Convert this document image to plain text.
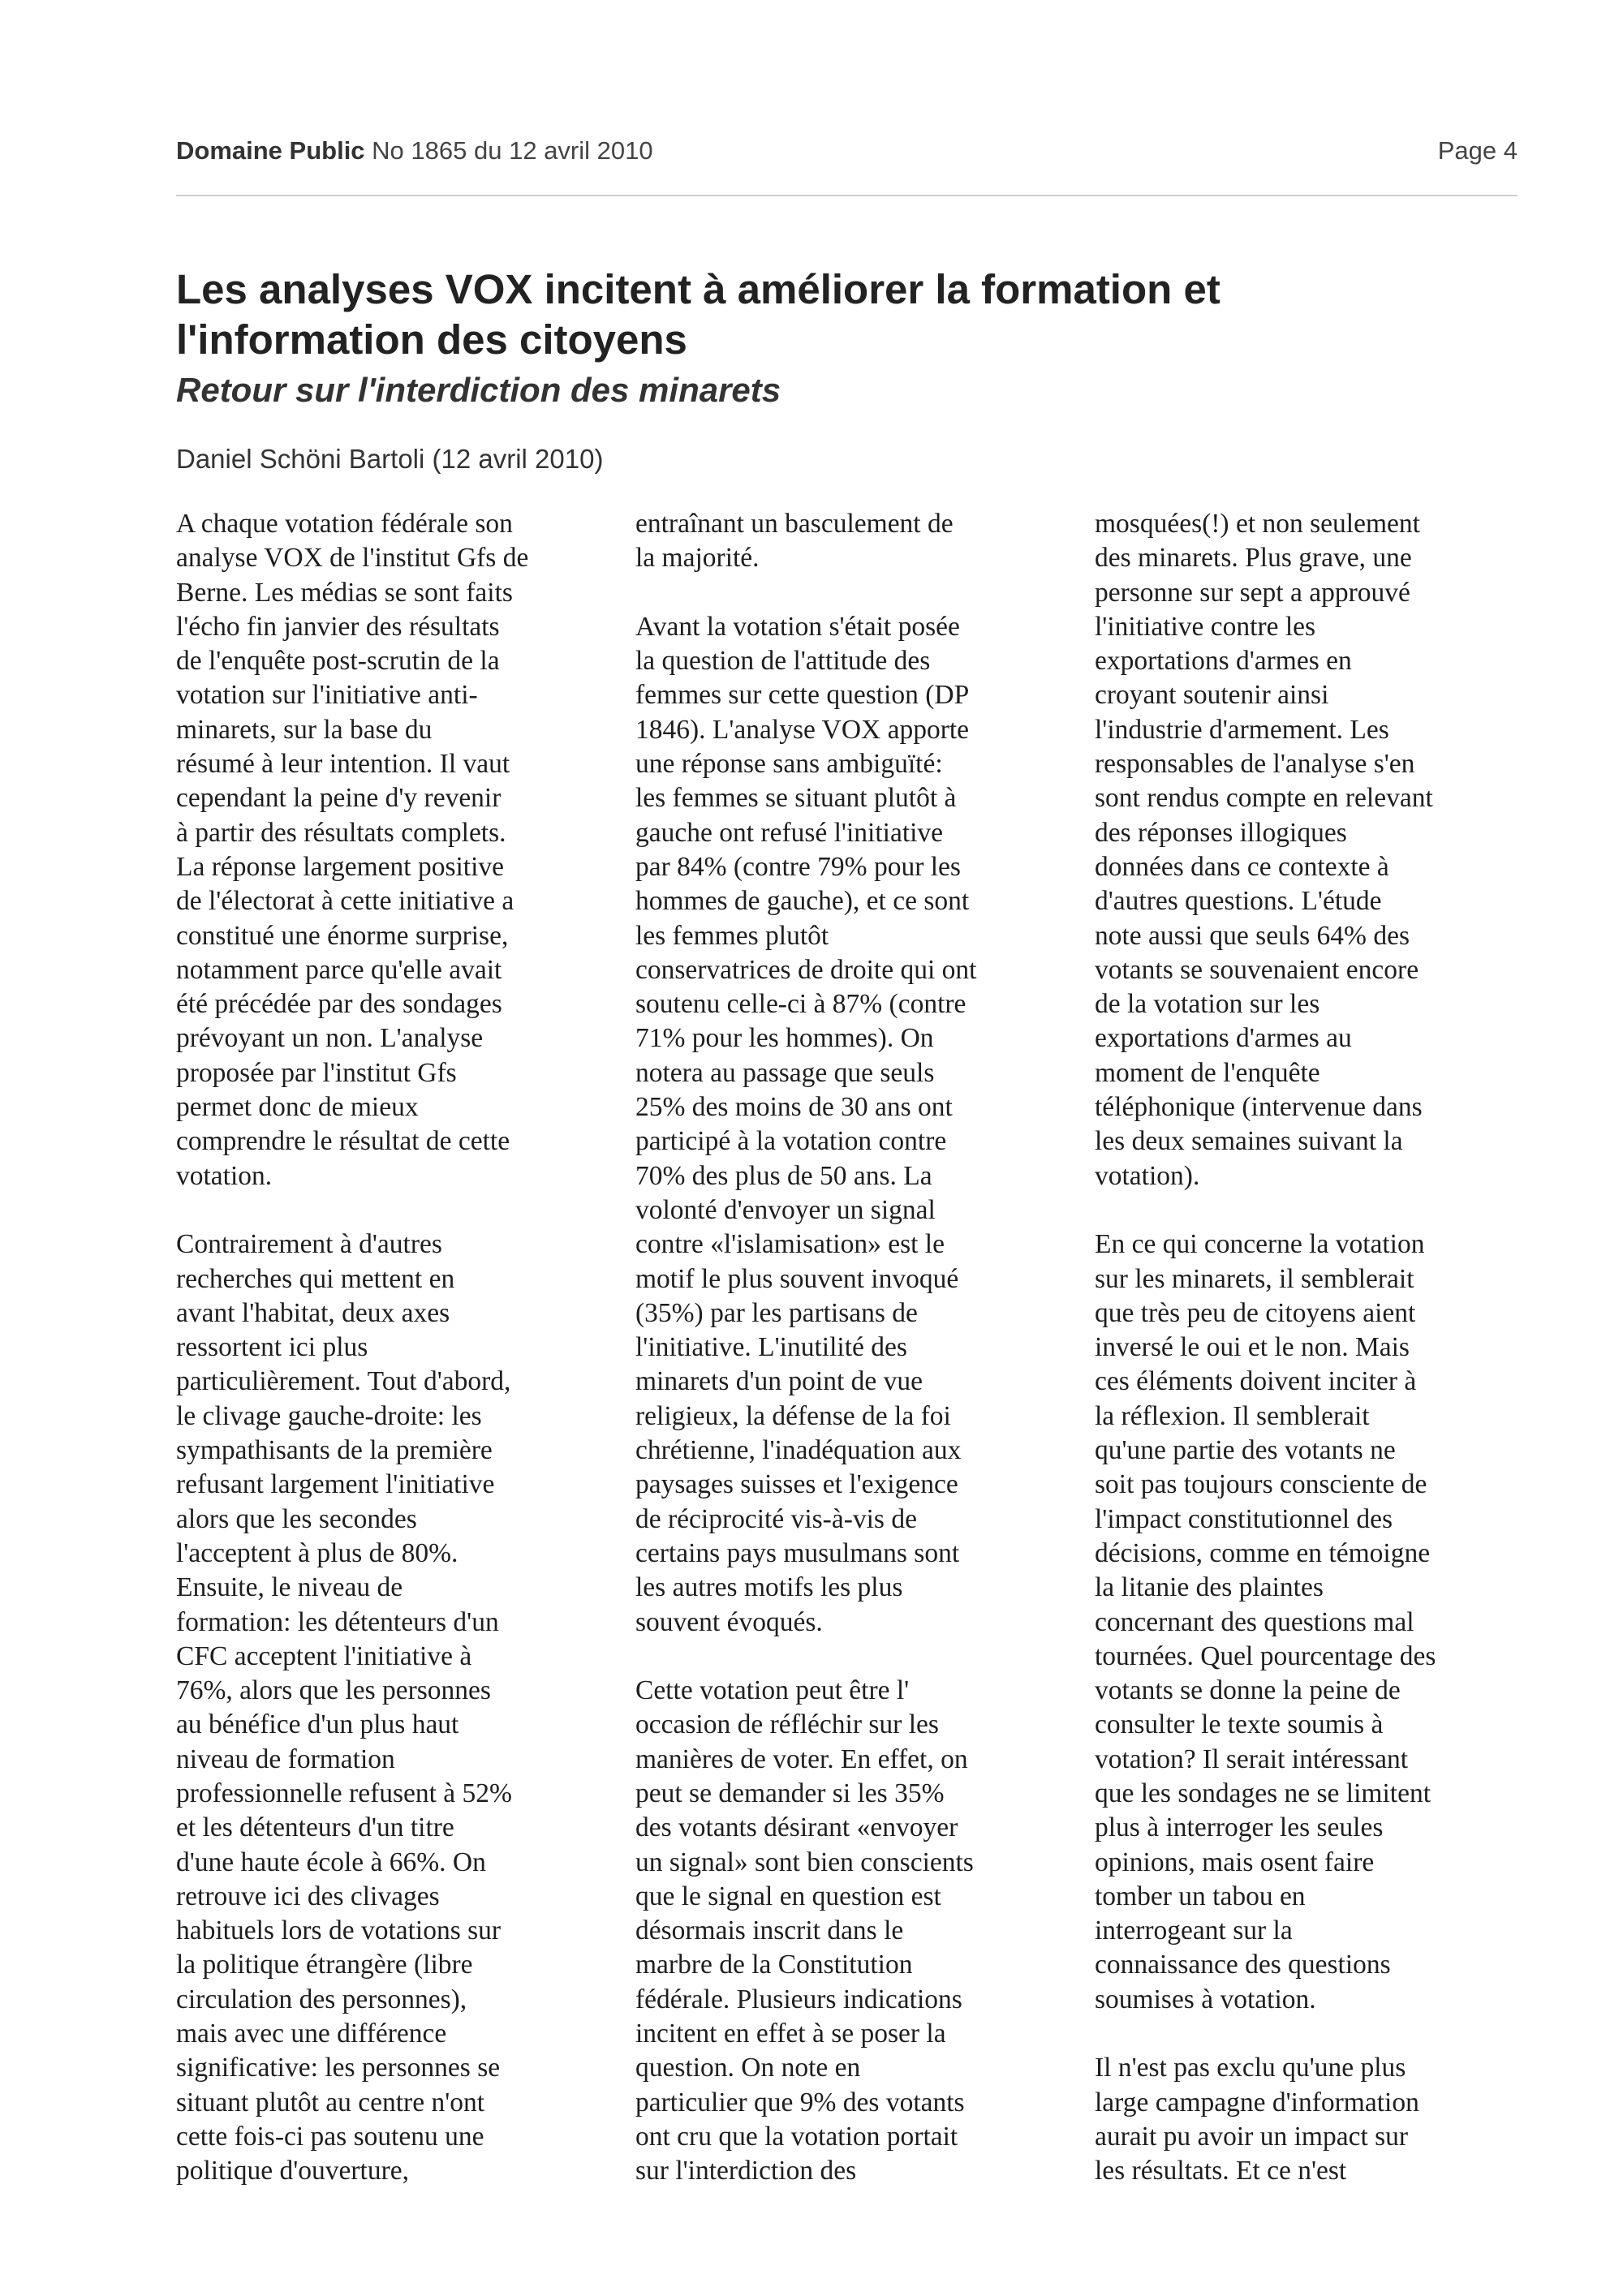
Domaine Public No 1865 du 12 avril 2010	Page 4
Les analyses VOX incitent à améliorer la formation et
l'information des citoyens
Retour sur l'interdiction des minarets
Daniel Schöni Bartoli (12 avril 2010)

A chaque votation fédérale son
analyse VOX de l'institut Gfs de
Berne. Les médias se sont faits
l'écho fin janvier des résultats
de l'enquête post-scrutin de la
votation sur l'initiative anti-
minarets, sur la base du
résumé à leur intention. Il vaut
cependant la peine d'y revenir
à partir des résultats complets.
La réponse largement positive
de l'électorat à cette initiative a
constitué une énorme surprise,
notamment parce qu'elle avait
été précédée par des sondages
prévoyant un non. L'analyse
proposée par l'institut Gfs
permet donc de mieux
comprendre le résultat de cette
votation.

Contrairement à d'autres
recherches qui mettent en
avant l'habitat, deux axes
ressortent ici plus
particulièrement. Tout d'abord,
le clivage gauche-droite: les
sympathisants de la première
refusant largement l'initiative
alors que les secondes
l'acceptent à plus de 80%.
Ensuite, le niveau de
formation: les détenteurs d'un
CFC acceptent l'initiative à
76%, alors que les personnes
au bénéfice d'un plus haut
niveau de formation
professionnelle refusent à 52%
et les détenteurs d'un titre
d'une haute école à 66%. On
retrouve ici des clivages
habituels lors de votations sur
la politique étrangère (libre
circulation des personnes),
mais avec une différence
significative: les personnes se
situant plutôt au centre n'ont
cette fois-ci pas soutenu une
politique d'ouverture,

entraînant un basculement de
la majorité.

Avant la votation s'était posée
la question de l'attitude des
femmes sur cette question (DP
1846). L'analyse VOX apporte
une réponse sans ambiguïté:
les femmes se situant plutôt à
gauche ont refusé l'initiative
par 84% (contre 79% pour les
hommes de gauche), et ce sont
les femmes plutôt
conservatrices de droite qui ont
soutenu celle-ci à 87% (contre
71% pour les hommes). On
notera au passage que seuls
25% des moins de 30 ans ont
participé à la votation contre
70% des plus de 50 ans. La
volonté d'envoyer un signal
contre «l'islamisation» est le
motif le plus souvent invoqué
(35%) par les partisans de
l'initiative. L'inutilité des
minarets d'un point de vue
religieux, la défense de la foi
chrétienne, l'inadéquation aux
paysages suisses et l'exigence
de réciprocité vis-à-vis de
certains pays musulmans sont
les autres motifs les plus
souvent évoqués.

Cette votation peut être l'
occasion de réfléchir sur les
manières de voter. En effet, on
peut se demander si les 35%
des votants désirant «envoyer
un signal» sont bien conscients
que le signal en question est
désormais inscrit dans le
marbre de la Constitution
fédérale. Plusieurs indications
incitent en effet à se poser la
question. On note en
particulier que 9% des votants
ont cru que la votation portait
sur l'interdiction des

mosquées(!) et non seulement
des minarets. Plus grave, une
personne sur sept a approuvé
l'initiative contre les
exportations d'armes en
croyant soutenir ainsi
l'industrie d'armement. Les
responsables de l'analyse s'en
sont rendus compte en relevant
des réponses illogiques
données dans ce contexte à
d'autres questions. L'étude
note aussi que seuls 64% des
votants se souvenaient encore
de la votation sur les
exportations d'armes au
moment de l'enquête
téléphonique (intervenue dans
les deux semaines suivant la
votation).

En ce qui concerne la votation
sur les minarets, il semblerait
que très peu de citoyens aient
inversé le oui et le non. Mais
ces éléments doivent inciter à
la réflexion. Il semblerait
qu'une partie des votants ne
soit pas toujours consciente de
l'impact constitutionnel des
décisions, comme en témoigne
la litanie des plaintes
concernant des questions mal
tournées. Quel pourcentage des
votants se donne la peine de
consulter le texte soumis à
votation? Il serait intéressant
que les sondages ne se limitent
plus à interroger les seules
opinions, mais osent faire
tomber un tabou en
interrogeant sur la
connaissance des questions
soumises à votation.

Il n'est pas exclu qu'une plus
large campagne d'information
aurait pu avoir un impact sur
les résultats. Et ce n'est
